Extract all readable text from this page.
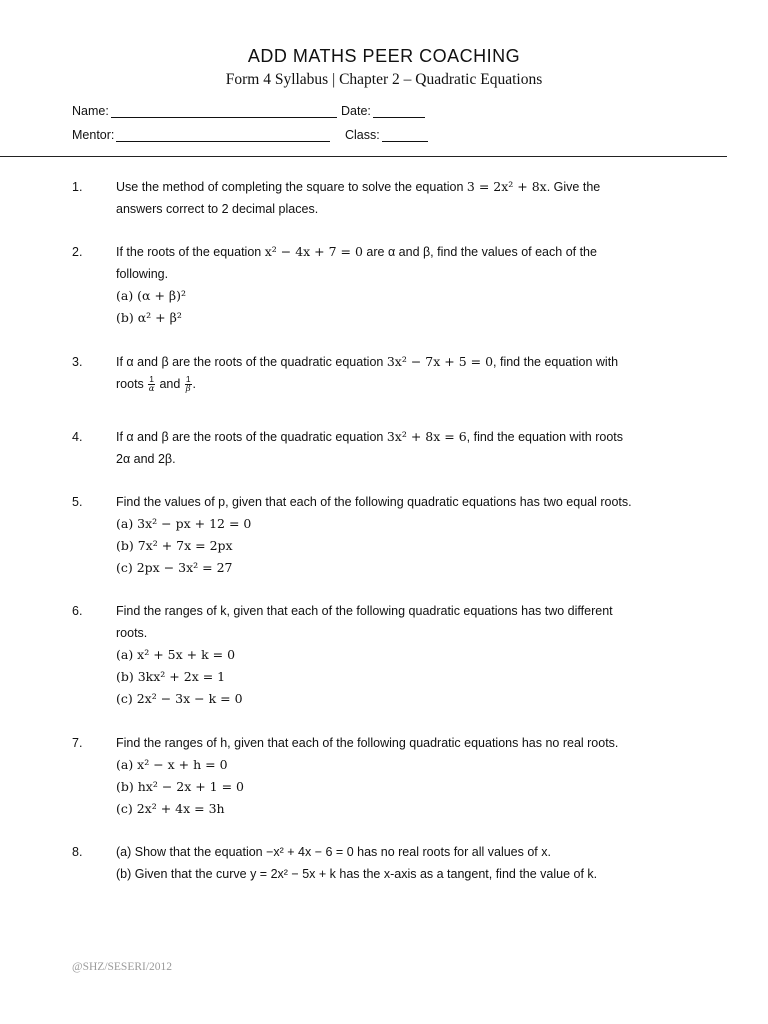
ADD MATHS PEER COACHING
Form 4 Syllabus | Chapter 2 – Quadratic Equations
Name:	Date:
Mentor:	Class:
1.	Use the method of completing the square to solve the equation 3 = 2x² + 8x. Give the
answers correct to 2 decimal places.
2.	If the roots of the equation x² − 4x + 7 = 0 are α and β, find the values of each of the
following.
(a) (α + β)²
(b) α² + β²
3.	If α and β are the roots of the quadratic equation 3x² − 7x + 5 = 0, find the equation with
roots $\frac{1}{\alpha}$ and $\frac{1}{\beta}$ .
4.	If α and β are the roots of the quadratic equation 3x² + 8x = 6, find the equation with roots
2α and 2β.
5.	Find the values of p, given that each of the following quadratic equations has two equal roots.
(a) 3x² − px + 12 = 0
(b) 7x² + 7x = 2px
(c) 2px − 3x² = 27
6.	Find the ranges of k, given that each of the following quadratic equations has two different
roots.
(a) x² + 5x + k = 0
(b) 3kx² + 2x = 1
(c) 2x² − 3x − k = 0
7.	Find the ranges of h, given that each of the following quadratic equations has no real roots.
(a) x² − x + h = 0
(b) hx² − 2x + 1 = 0
(c) 2x² + 4x = 3h
8.	(a) Show that the equation −x² + 4x − 6 = 0 has no real roots for all values of x.
(b) Given that the curve y = 2x² − 5x + k has the x-axis as a tangent, find the value of k.
@SHZ/SESERI/2012
